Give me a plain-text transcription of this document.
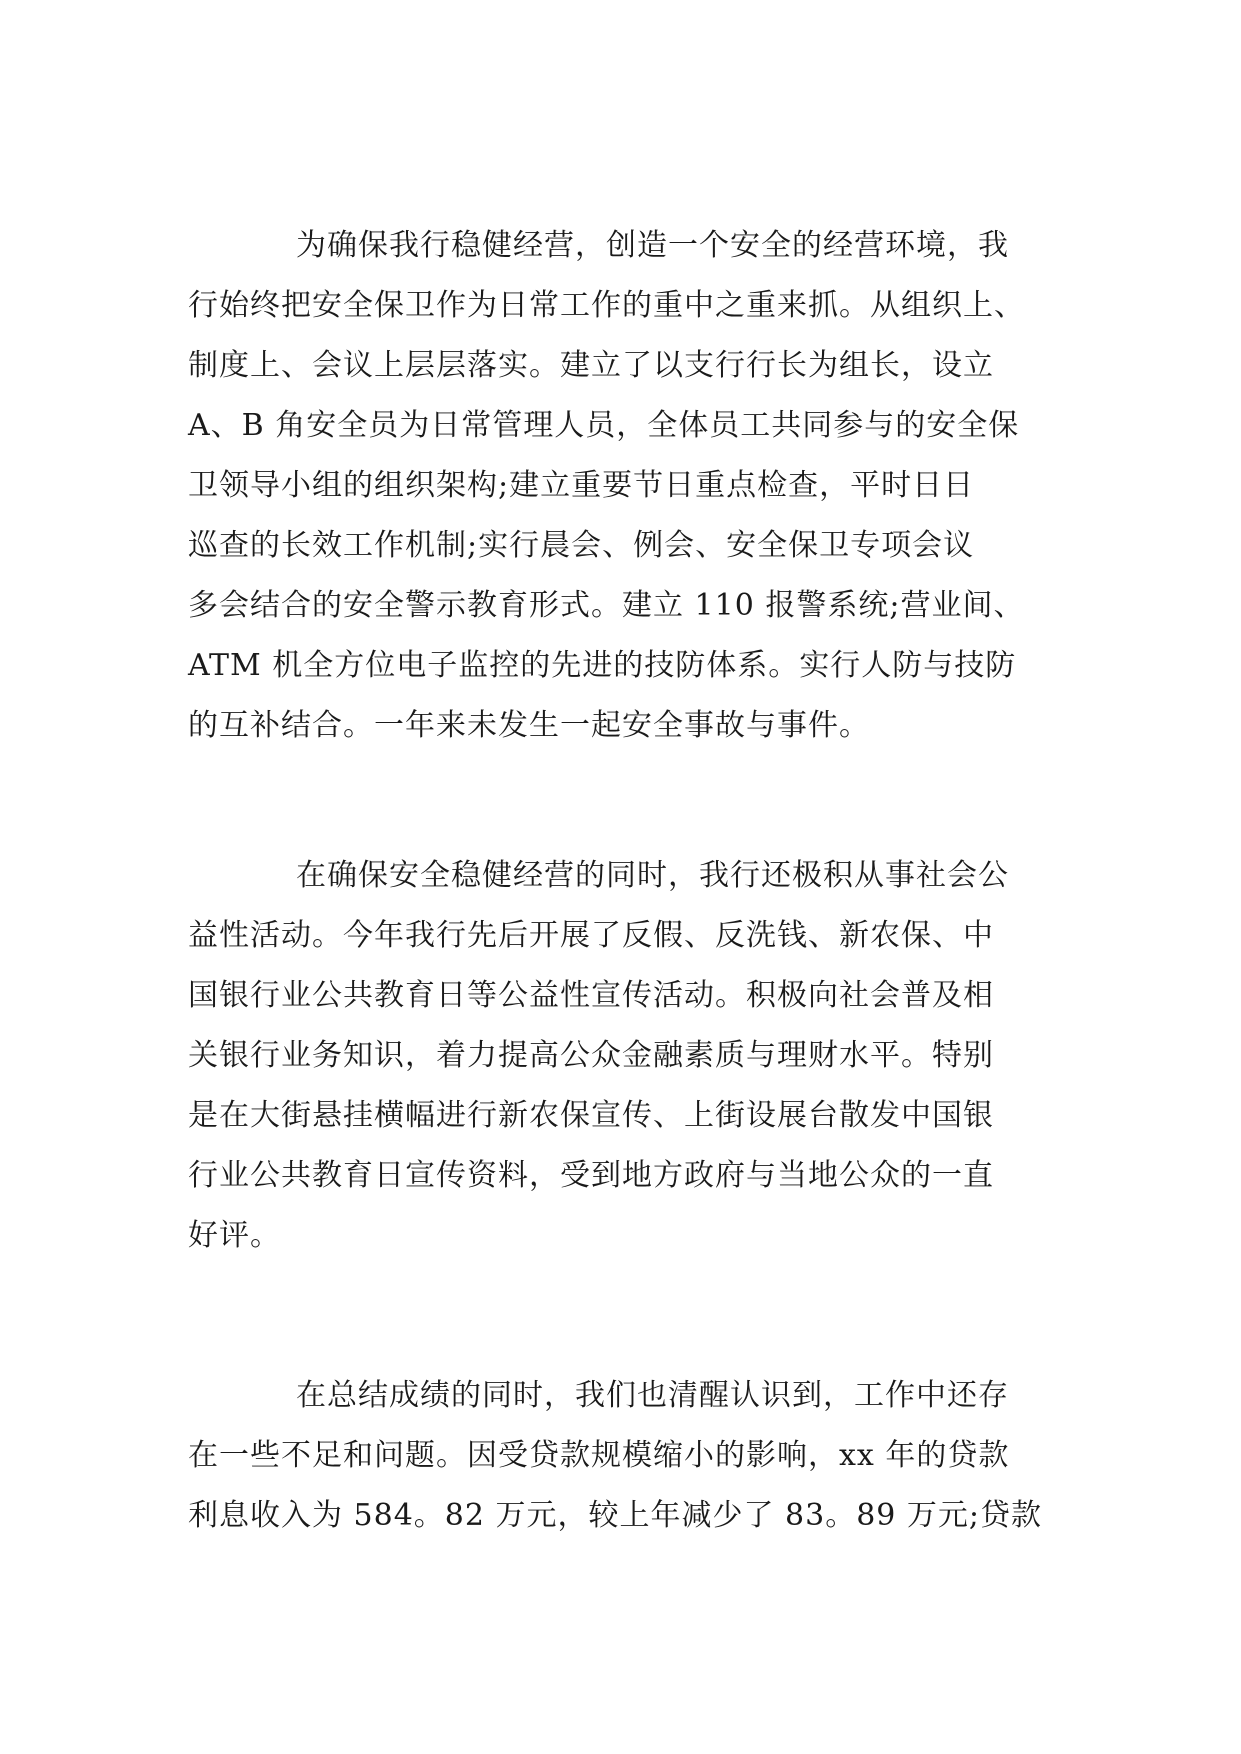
为确保我行稳健经营，创造一个安全的经营环境，我
行始终把安全保卫作为日常工作的重中之重来抓。从组织上、
制度上、会议上层层落实。建立了以支行行长为组长，设立
A、B 角安全员为日常管理人员，全体员工共同参与的安全保
卫领导小组的组织架构;建立重要节日重点检查，平时日日
巡查的长效工作机制;实行晨会、例会、安全保卫专项会议
多会结合的安全警示教育形式。建立 110 报警系统;营业间、
ATM 机全方位电子监控的先进的技防体系。实行人防与技防
的互补结合。一年来未发生一起安全事故与事件。
在确保安全稳健经营的同时，我行还极积从事社会公
益性活动。今年我行先后开展了反假、反洗钱、新农保、中
国银行业公共教育日等公益性宣传活动。积极向社会普及相
关银行业务知识，着力提高公众金融素质与理财水平。特别
是在大街悬挂横幅进行新农保宣传、上街设展台散发中国银
行业公共教育日宣传资料，受到地方政府与当地公众的一直
好评。
在总结成绩的同时，我们也清醒认识到，工作中还存
在一些不足和问题。因受贷款规模缩小的影响，xx 年的贷款
利息收入为 584。82 万元，较上年减少了 83。89 万元;贷款
